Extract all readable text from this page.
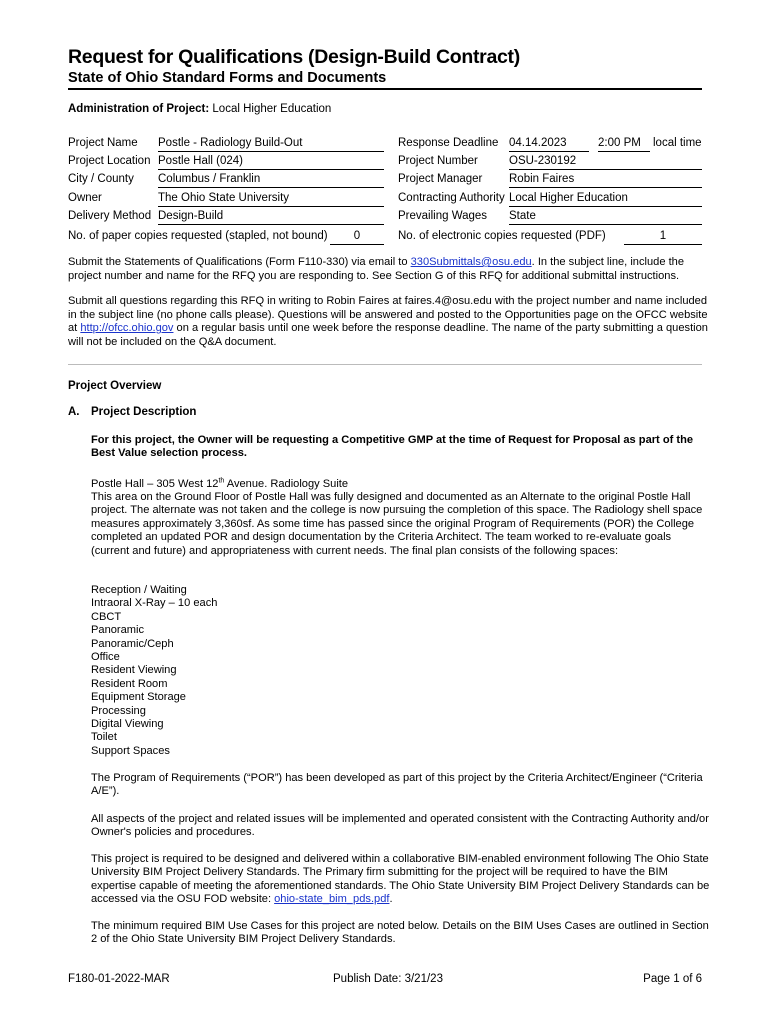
Request for Qualifications (Design-Build Contract)
State of Ohio Standard Forms and Documents
Administration of Project: Local Higher Education
Project Name Postle - Radiology Build-Out
Project Location Postle Hall (024)
City / County Columbus / Franklin
Owner	The Ohio State University
Delivery Method Design-Build
No. of paper copies requested (stapled, not bound)	0
Response Deadline 04.14.2023	2:00 PM	local time
Project Number	OSU-230192
Project Manager Robin Faires
Contracting Authority Local Higher Education
Prevailing Wages State
No. of electronic copies requested (PDF)	1
Submit the Statements of Qualifications (Form F110-330) via email to 330Submittals@osu.edu. In the subject line, include the project number and name for the RFQ you are responding to. See Section G of this RFQ for additional submittal instructions.
Submit all questions regarding this RFQ in writing to Robin Faires at faires.4@osu.edu with the project number and name included in the subject line (no phone calls please). Questions will be answered and posted to the Opportunities page on the OFCC website at http://ofcc.ohio.gov on a regular basis until one week before the response deadline. The name of the party submitting a question will not be included on the Q&A document.
Project Overview
A. Project Description
For this project, the Owner will be requesting a Competitive GMP at the time of Request for Proposal as part of the Best Value selection process.
Postle Hall – 305 West 12th Avenue. Radiology Suite
This area on the Ground Floor of Postle Hall was fully designed and documented as an Alternate to the original Postle Hall project. The alternate was not taken and the college is now pursuing the completion of this space. The Radiology shell space measures approximately 3,360sf. As some time has passed since the original Program of Requirements (POR) the College completed an updated POR and design documentation by the Criteria Architect. The team worked to re-evaluate goals (current and future) and appropriateness with current needs. The final plan consists of the following spaces:
Reception / Waiting
Intraoral X-Ray – 10 each
CBCT
Panoramic
Panoramic/Ceph
Office
Resident Viewing
Resident Room
Equipment Storage
Processing
Digital Viewing
Toilet
Support Spaces
The Program of Requirements (“POR”) has been developed as part of this project by the Criteria Architect/Engineer (“Criteria A/E”).
All aspects of the project and related issues will be implemented and operated consistent with the Contracting Authority and/or Owner's policies and procedures.
This project is required to be designed and delivered within a collaborative BIM-enabled environment following The Ohio State University BIM Project Delivery Standards. The Primary firm submitting for the project will be required to have the BIM expertise capable of meeting the aforementioned standards. The Ohio State University BIM Project Delivery Standards can be accessed via the OSU FOD website: ohio-state_bim_pds.pdf.
The minimum required BIM Use Cases for this project are noted below. Details on the BIM Uses Cases are outlined in Section 2 of the Ohio State University BIM Project Delivery Standards.
F180-01-2022-MAR	Publish Date: 3/21/23	Page 1 of 6
